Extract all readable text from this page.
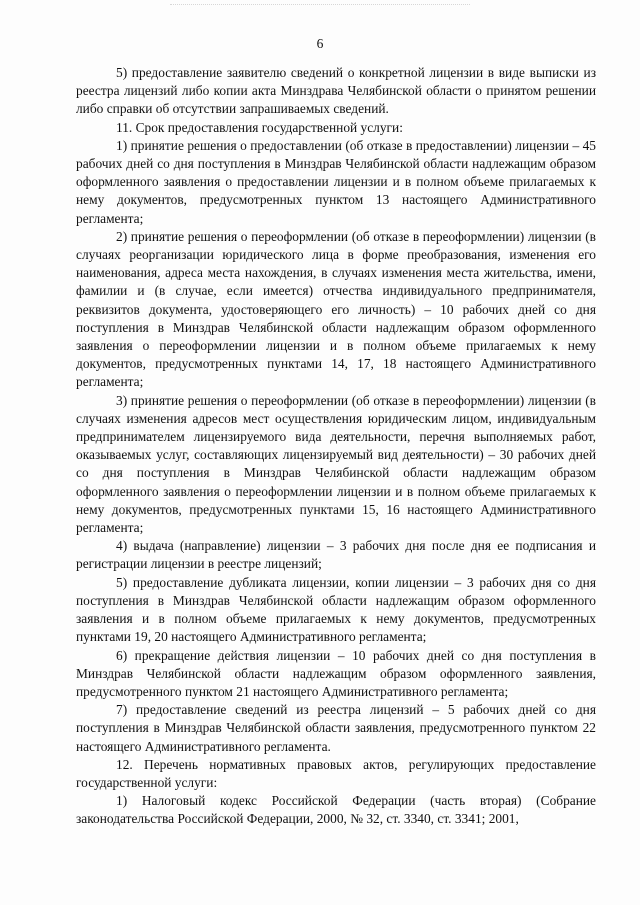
6

5) предоставление заявителю сведений о конкретной лицензии в виде выписки из реестра лицензий либо копии акта Минздрава Челябинской области о принятом решении либо справки об отсутствии запрашиваемых сведений.

11. Срок предоставления государственной услуги:

1) принятие решения о предоставлении (об отказе в предоставлении) лицензии – 45 рабочих дней со дня поступления в Минздрав Челябинской области надлежащим образом оформленного заявления о предоставлении лицензии и в полном объеме прилагаемых к нему документов, предусмотренных пунктом 13 настоящего Административного регламента;

2) принятие решения о переоформлении (об отказе в переоформлении) лицензии (в случаях реорганизации юридического лица в форме преобразования, изменения его наименования, адреса места нахождения, в случаях изменения места жительства, имени, фамилии и (в случае, если имеется) отчества индивидуального предпринимателя, реквизитов документа, удостоверяющего его личность) – 10 рабочих дней со дня поступления в Минздрав Челябинской области надлежащим образом оформленного заявления о переоформлении лицензии и в полном объеме прилагаемых к нему документов, предусмотренных пунктами 14, 17, 18 настоящего Административного регламента;

3) принятие решения о переоформлении (об отказе в переоформлении) лицензии (в случаях изменения адресов мест осуществления юридическим лицом, индивидуальным предпринимателем лицензируемого вида деятельности, перечня выполняемых работ, оказываемых услуг, составляющих лицензируемый вид деятельности) – 30 рабочих дней со дня поступления в Минздрав Челябинской области надлежащим образом оформленного заявления о переоформлении лицензии и в полном объеме прилагаемых к нему документов, предусмотренных пунктами 15, 16 настоящего Административного регламента;

4) выдача (направление) лицензии – 3 рабочих дня после дня ее подписания и регистрации лицензии в реестре лицензий;

5) предоставление дубликата лицензии, копии лицензии – 3 рабочих дня со дня поступления в Минздрав Челябинской области надлежащим образом оформленного заявления и в полном объеме прилагаемых к нему документов, предусмотренных пунктами 19, 20 настоящего Административного регламента;

6) прекращение действия лицензии – 10 рабочих дней со дня поступления в Минздрав Челябинской области надлежащим образом оформленного заявления, предусмотренного пунктом 21 настоящего Административного регламента;

7) предоставление сведений из реестра лицензий – 5 рабочих дней со дня поступления в Минздрав Челябинской области заявления, предусмотренного пунктом 22 настоящего Административного регламента.

12. Перечень нормативных правовых актов, регулирующих предоставление государственной услуги:

1) Налоговый кодекс Российской Федерации (часть вторая) (Собрание законодательства Российской Федерации, 2000, № 32, ст. 3340, ст. 3341; 2001,
